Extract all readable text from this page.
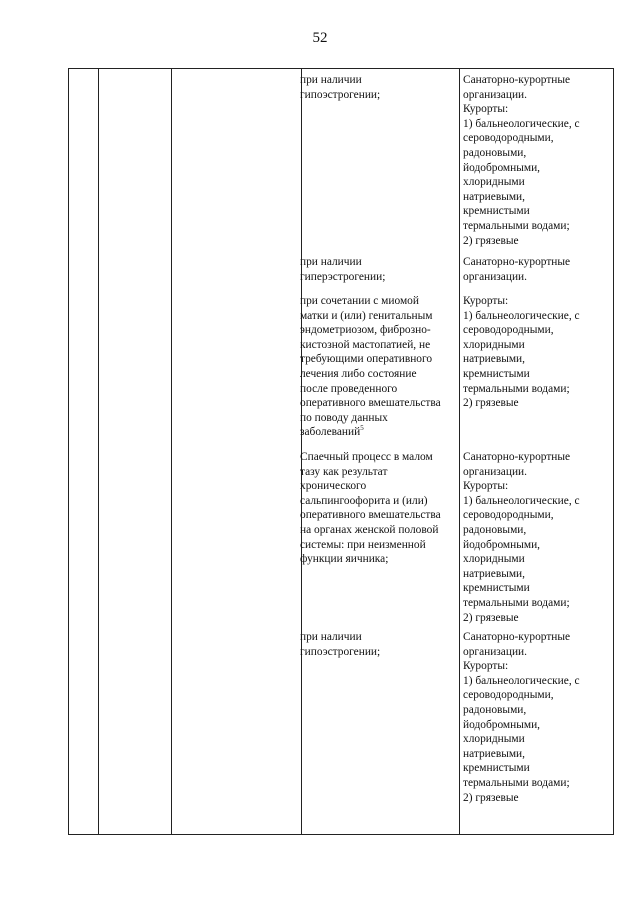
52
при наличии
гипоэстрогении;
Санаторно-курортные
организации.
Курорты:
1) бальнеологические, с
сероводородными,
радоновыми,
йодобромными,
хлоридными
натриевыми,
кремнистыми
термальными водами;
2) грязевые
при наличии
гиперэстрогении;
Санаторно-курортные
организации.
при сочетании с миомой
матки и (или) генитальным
эндометриозом, фиброзно-
кистозной мастопатией, не
требующими оперативного
лечения либо состояние
после проведенного
оперативного вмешательства
по поводу данных
заболеваний$^5$
Курорты:
1) бальнеологические, с
сероводородными,
хлоридными
натриевыми,
кремнистыми
термальными водами;
2) грязевые
Спаечный процесс в малом
тазу как результат
хронического
сальпингоофорита и (или)
оперативного вмешательства
на органах женской половой
системы: при неизменной
функции яичника;
Санаторно-курортные
организации.
Курорты:
1) бальнеологические, с
сероводородными,
радоновыми,
йодобромными,
хлоридными
натриевыми,
кремнистыми
термальными водами;
2) грязевые
при наличии
гипоэстрогении;
Санаторно-курортные
организации.
Курорты:
1) бальнеологические, с
сероводородными,
радоновыми,
йодобромными,
хлоридными
натриевыми,
кремнистыми
термальными водами;
2) грязевые
